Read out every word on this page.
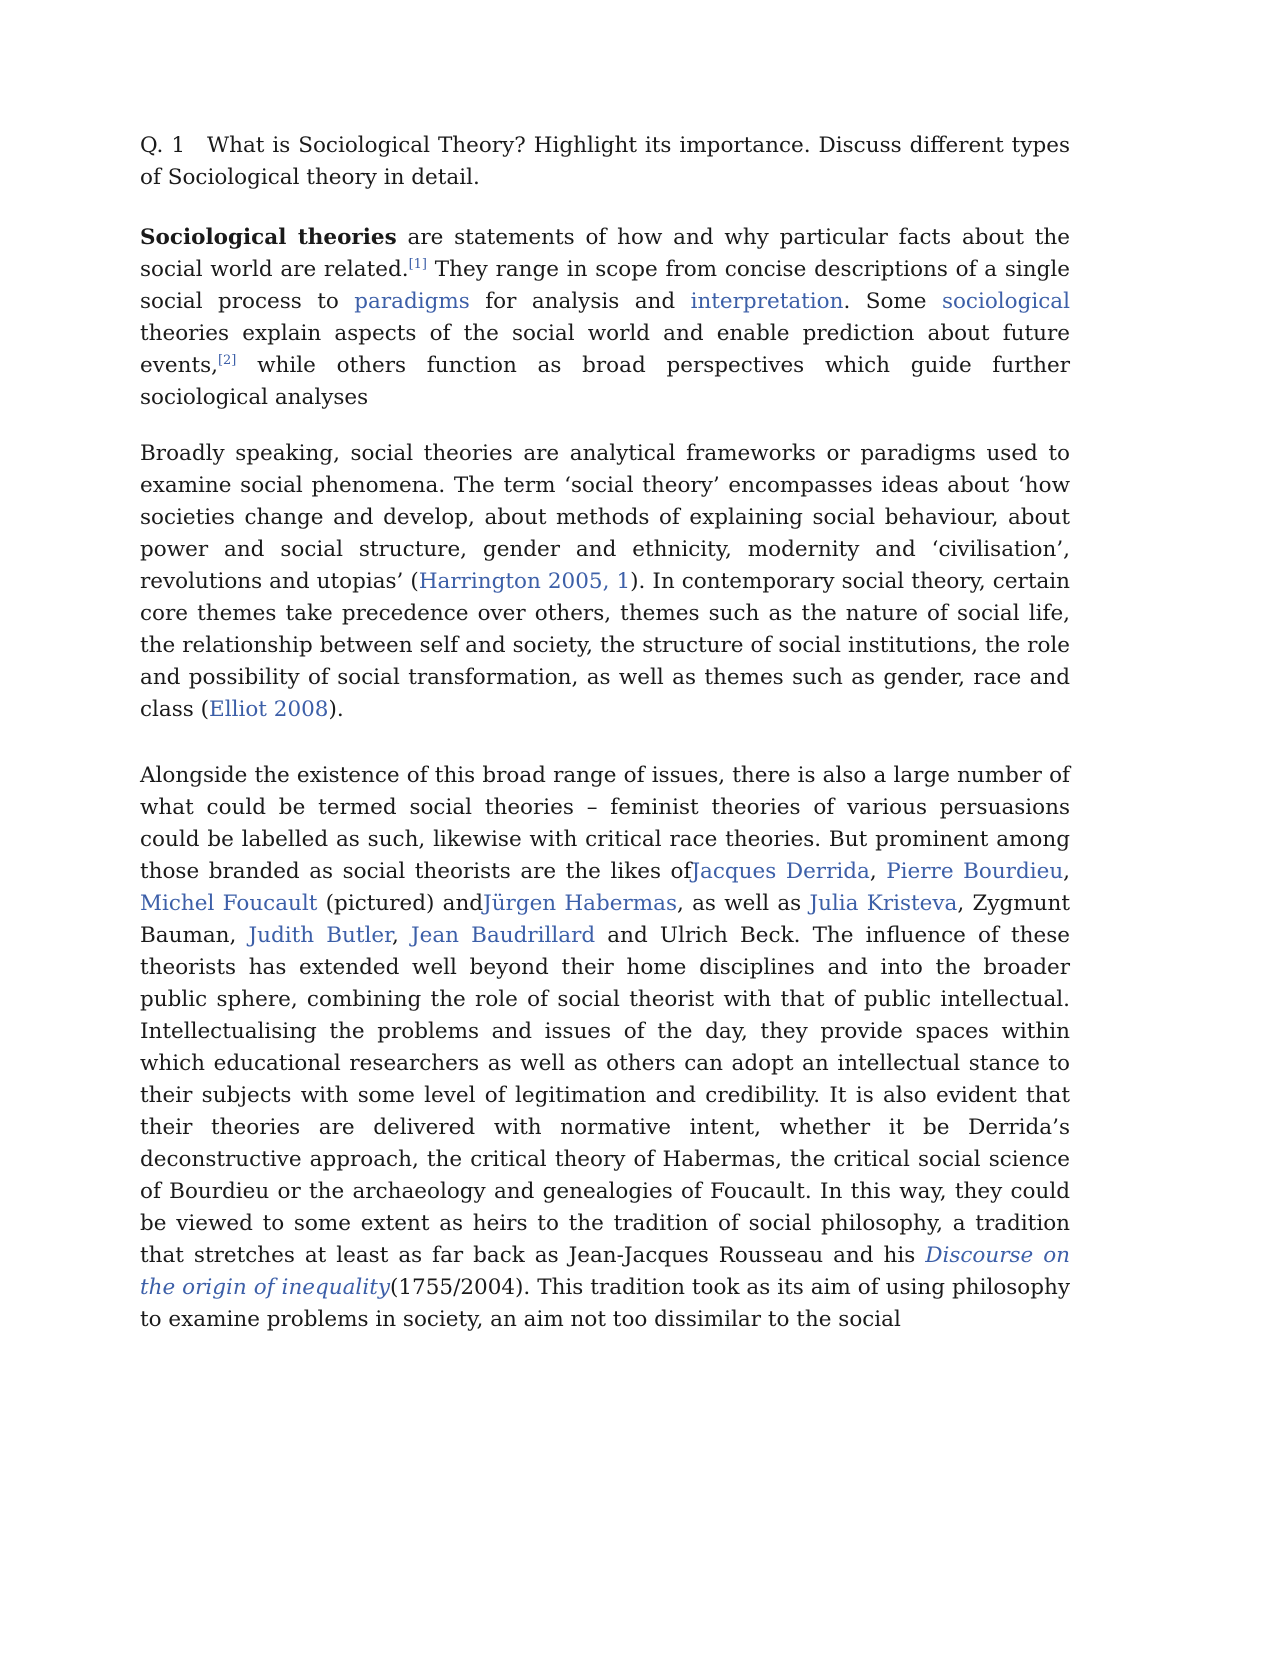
Q. 1 What is Sociological Theory? Highlight its importance. Discuss different types of Sociological theory in detail.

Sociological theories are statements of how and why particular facts about the social world are related.[1] They range in scope from concise descriptions of a single social process to paradigms for analysis and interpretation. Some sociological theories explain aspects of the social world and enable prediction about future events,[2] while others function as broad perspectives which guide further sociological analyses

Broadly speaking, social theories are analytical frameworks or paradigms used to examine social phenomena. The term ‘social theory’ encompasses ideas about ‘how societies change and develop, about methods of explaining social behaviour, about power and social structure, gender and ethnicity, modernity and ‘civilisation’, revolutions and utopias’ (Harrington 2005, 1). In contemporary social theory, certain core themes take precedence over others, themes such as the nature of social life, the relationship between self and society, the structure of social institutions, the role and possibility of social transformation, as well as themes such as gender, race and class (Elliot 2008).

Alongside the existence of this broad range of issues, there is also a large number of what could be termed social theories – feminist theories of various persuasions could be labelled as such, likewise with critical race theories. But prominent among those branded as social theorists are the likes ofJacques Derrida, Pierre Bourdieu, Michel Foucault (pictured) andJürgen Habermas, as well as Julia Kristeva, Zygmunt Bauman, Judith Butler, Jean Baudrillard and Ulrich Beck. The influence of these theorists has extended well beyond their home disciplines and into the broader public sphere, combining the role of social theorist with that of public intellectual. Intellectualising the problems and issues of the day, they provide spaces within which educational researchers as well as others can adopt an intellectual stance to their subjects with some level of legitimation and credibility. It is also evident that their theories are delivered with normative intent, whether it be Derrida’s deconstructive approach, the critical theory of Habermas, the critical social science of Bourdieu or the archaeology and genealogies of Foucault. In this way, they could be viewed to some extent as heirs to the tradition of social philosophy, a tradition that stretches at least as far back as Jean-Jacques Rousseau and his Discourse on the origin of inequality(1755/2004). This tradition took as its aim of using philosophy to examine problems in society, an aim not too dissimilar to the social
